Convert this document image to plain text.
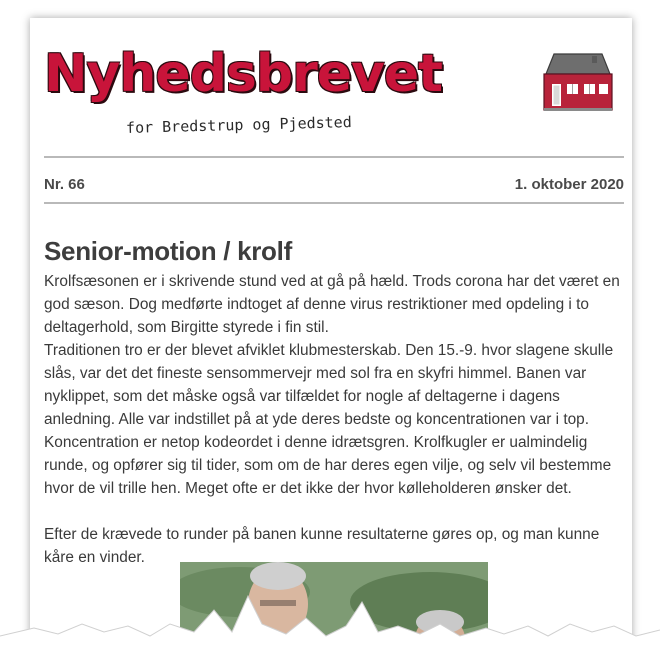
Nyhedsbrevet
for Bredstrup og Pjedsted
Nr. 66	1. oktober 2020
Senior-motion / krolf

Krolfsæsonen er i skrivende stund ved at gå på hæld. Trods corona har det været en god sæson. Dog medførte indtoget af denne virus restriktioner med opdeling i to deltagerhold, som Birgitte styrede i fin stil.

Traditionen tro er der blevet afviklet klubmesterskab. Den 15.-9. hvor slagene skulle slås, var det det fineste sensommervejr med sol fra en skyfri himmel. Banen var nyklippet, som det måske også var tilfældet for nogle af deltagerne i dagens anledning. Alle var indstillet på at yde deres bedste og koncentrationen var i top. Koncentration er netop kodeordet i denne idrætsgren. Krolfkugler er ualmindelig runde, og opfører sig til tider, som om de har deres egen vilje, og selv vil bestemme hvor de vil trille hen. Meget ofte er det ikke der hvor kølleholderen ønsker det.

Efter de krævede to runder på banen kunne resultaterne gøres op, og man kunne kåre en vinder.
